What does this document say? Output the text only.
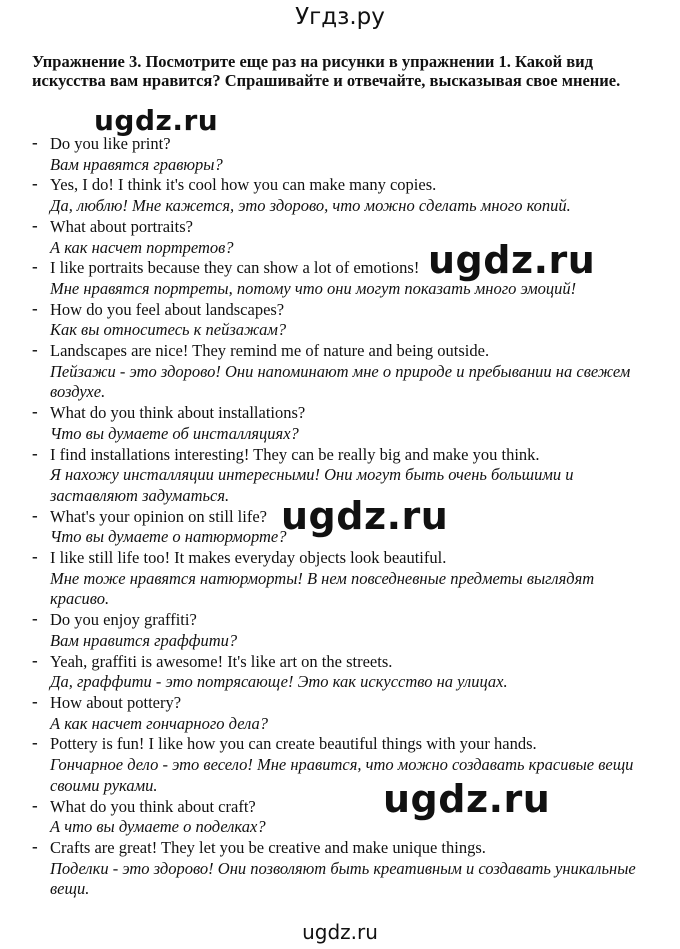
Угдз.ру
Упражнение 3. Посмотрите еще раз на рисунки в упражнении 1. Какой вид искусства вам нравится? Спрашивайте и отвечайте, высказывая свое мнение.
- Do you like print?
Вам нравятся гравюры?
- Yes, I do! I think it's cool how you can make many copies.
Да, люблю! Мне кажется, это здорово, что можно сделать много копий.
- What about portraits?
А как насчет портретов?
- I like portraits because they can show a lot of emotions!
Мне нравятся портреты, потому что они могут показать много эмоций!
- How do you feel about landscapes?
Как вы относитесь к пейзажам?
- Landscapes are nice! They remind me of nature and being outside.
Пейзажи - это здорово! Они напоминают мне о природе и пребывании на свежем воздухе.
- What do you think about installations?
Что вы думаете об инсталляциях?
- I find installations interesting! They can be really big and make you think.
Я нахожу инсталляции интересными! Они могут быть очень большими и заставляют задуматься.
- What's your opinion on still life?
Что вы думаете о натюрморте?
- I like still life too! It makes everyday objects look beautiful.
Мне тоже нравятся натюрморты! В нем повседневные предметы выглядят красиво.
- Do you enjoy graffiti?
Вам нравится граффити?
- Yeah, graffiti is awesome! It's like art on the streets.
Да, граффити - это потрясающе! Это как искусство на улицах.
- How about pottery?
А как насчет гончарного дела?
- Pottery is fun! I like how you can create beautiful things with your hands.
Гончарное дело - это весело! Мне нравится, что можно создавать красивые вещи своими руками.
- What do you think about craft?
А что вы думаете о поделках?
- Crafts are great! They let you be creative and make unique things.
Поделки - это здорово! Они позволяют быть креативным и создавать уникальные вещи.
ugdz.ru
ugdz.ru
ugdz.ru
ugdz.ru
ugdz.ru
